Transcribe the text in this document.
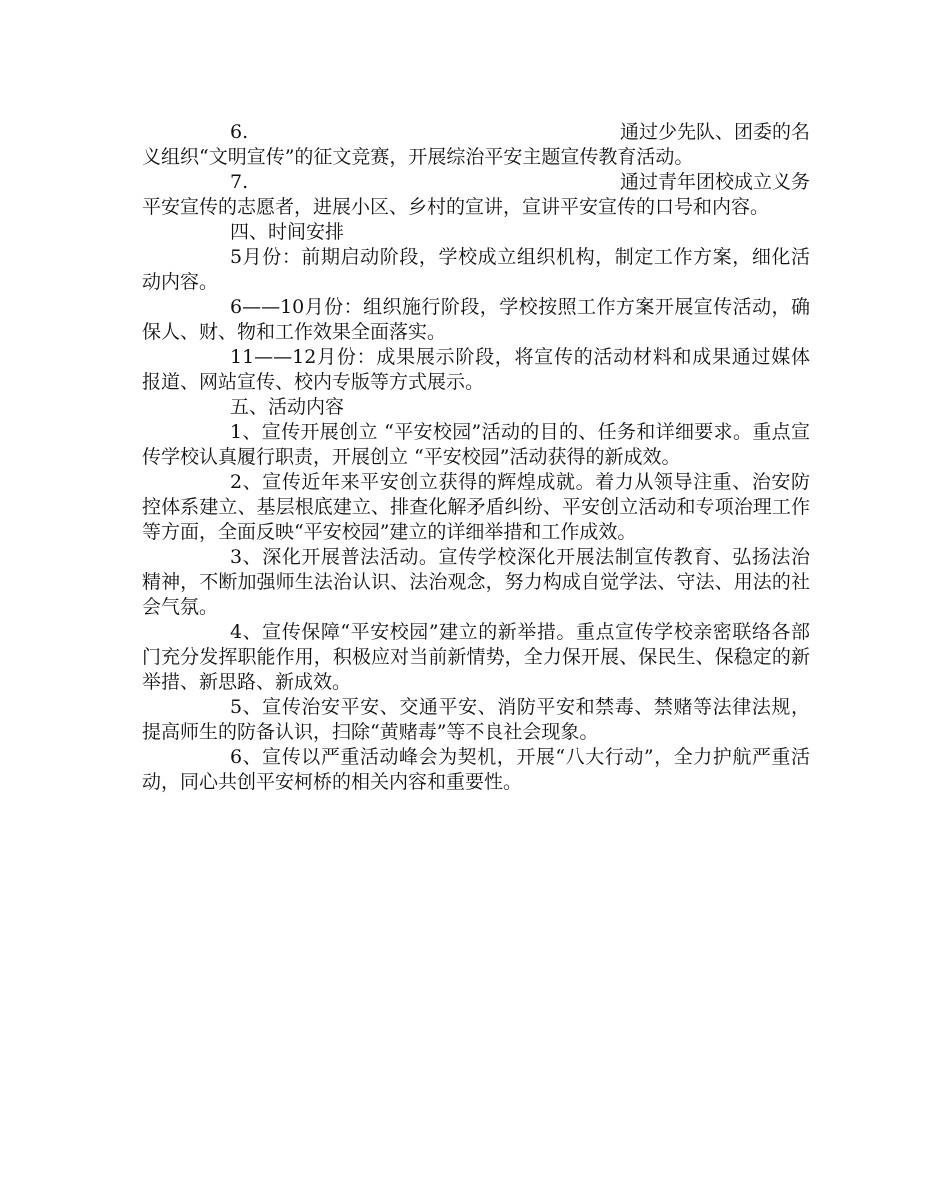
6.	通过少先队、团委的名
义组织“文明宣传”的征文竞赛，开展综治平安主题宣传教育活动。
7.	通过青年团校成立义务
平安宣传的志愿者，进展小区、乡村的宣讲，宣讲平安宣传的口号和内容。

四、时间安排

5月份：前期启动阶段，学校成立组织机构，制定工作方案，细化活动内容。

6——10月份：组织施行阶段，学校按照工作方案开展宣传活动，确保人、财、物和工作效果全面落实。

11——12月份：成果展示阶段，将宣传的活动材料和成果通过媒体报道、网站宣传、校内专版等方式展示。

五、活动内容

1、宣传开展创立 “平安校园”活动的目的、任务和详细要求。重点宣传学校认真履行职责，开展创立 “平安校园”活动获得的新成效。

2、宣传近年来平安创立获得的辉煌成就。着力从领导注重、治安防控体系建立、基层根底建立、排查化解矛盾纠纷、平安创立活动和专项治理工作等方面，全面反映“平安校园”建立的详细举措和工作成效。

3、深化开展普法活动。宣传学校深化开展法制宣传教育、弘扬法治精神，不断加强师生法治认识、法治观念，努力构成自觉学法、守法、用法的社会气氛。

4、宣传保障“平安校园”建立的新举措。重点宣传学校亲密联络各部门充分发挥职能作用，积极应对当前新情势，全力保开展、保民生、保稳定的新举措、新思路、新成效。

5、宣传治安平安、交通平安、消防平安和禁毒、禁赌等法律法规，提高师生的防备认识，扫除“黄赌毒”等不良社会现象。

6、宣传以严重活动峰会为契机，开展“八大行动”，全力护航严重活动，同心共创平安柯桥的相关内容和重要性。
